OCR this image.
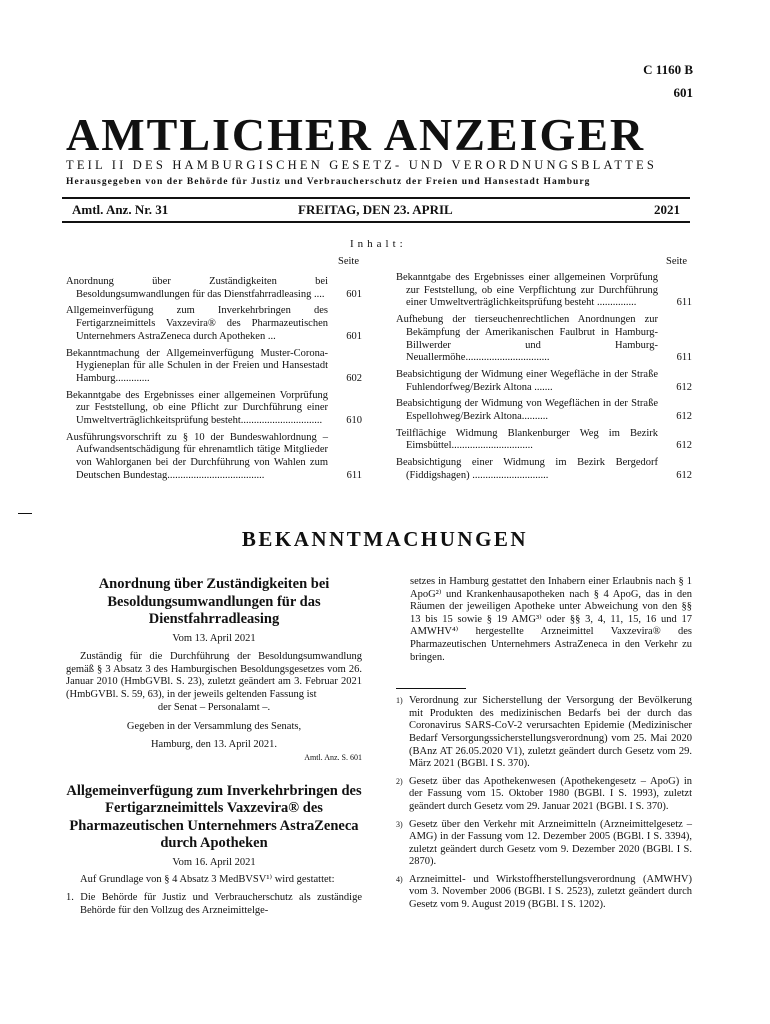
C 1160 B
601
AMTLICHER ANZEIGER
TEIL II DES HAMBURGISCHEN GESETZ- UND VERORDNUNGSBLATTES
Herausgegeben von der Behörde für Justiz und Verbraucherschutz der Freien und Hansestadt Hamburg
Amtl. Anz. Nr. 31	FREITAG, DEN 23. APRIL	2021
Inhalt:
Seite	Seite
Anordnung über Zuständigkeiten bei Besoldungsumwandlungen für das Dienstfahrradleasing ....	601
Allgemeinverfügung zum Inverkehrbringen des Fertigarzneimittels Vaxzevira® des Pharmazeutischen Unternehmers AstraZeneca durch Apotheken ...	601
Bekanntmachung der Allgemeinverfügung Muster-Corona-Hygieneplan für alle Schulen in der Freien und Hansestadt Hamburg.............	602
Bekanntgabe des Ergebnisses einer allgemeinen Vorprüfung zur Feststellung, ob eine Pflicht zur Durchführung einer Umweltverträglichkeitsprüfung besteht...............................	610
Ausführungsvorschrift zu § 10 der Bundeswahlordnung – Aufwandsentschädigung für ehrenamtlich tätige Mitglieder von Wahlorganen bei der Durchführung von Wahlen zum Deutschen Bundestag.....................................	611
Bekanntgabe des Ergebnisses einer allgemeinen Vorprüfung zur Feststellung, ob eine Verpflichtung zur Durchführung einer Umweltverträglichkeitsprüfung besteht ...............	611
Aufhebung der tierseuchenrechtlichen Anordnungen zur Bekämpfung der Amerikanischen Faulbrut in Hamburg-Billwerder und Hamburg-Neuallermöhe................................	611
Beabsichtigung der Widmung einer Wegefläche in der Straße Fuhlendorfweg/Bezirk Altona .......	612
Beabsichtigung der Widmung von Wegeflächen in der Straße Espellohweg/Bezirk Altona..........	612
Teilflächige Widmung Blankenburger Weg im Bezirk Eimsbüttel...............................	612
Beabsichtigung einer Widmung im Bezirk Bergedorf (Fiddigshagen) .............................	612
BEKANNTMACHUNGEN
Anordnung über Zuständigkeiten bei Besoldungsumwandlungen für das Dienstfahrradleasing
Vom 13. April 2021
Zuständig für die Durchführung der Besoldungsumwandlung gemäß § 3 Absatz 3 des Hamburgischen Besoldungsgesetzes vom 26. Januar 2010 (HmbGVBl. S. 23), zuletzt geändert am 3. Februar 2021 (HmbGVBl. S. 59, 63), in der jeweils geltenden Fassung ist
der Senat – Personalamt –.
Gegeben in der Versammlung des Senats,
Hamburg, den 13. April 2021.
Amtl. Anz. S. 601
Allgemeinverfügung zum Inverkehrbringen des Fertigarzneimittels Vaxzevira® des Pharmazeutischen Unternehmers AstraZeneca durch Apotheken
Vom 16. April 2021
Auf Grundlage von § 4 Absatz 3 MedBVSV¹⁾ wird gestattet:
1. Die Behörde für Justiz und Verbraucherschutz als zuständige Behörde für den Vollzug des Arzneimittelge-
setzes in Hamburg gestattet den Inhabern einer Erlaubnis nach § 1 ApoG²⁾ und Krankenhausapotheken nach § 4 ApoG, das in den Räumen der jeweiligen Apotheke unter Abweichung von den §§ 13 bis 15 sowie § 19 AMG³⁾ oder §§ 3, 4, 11, 15, 16 und 17 AMWHV⁴⁾ hergestellte Arzneimittel Vaxzevira® des Pharmazeutischen Unternehmers AstraZeneca in den Verkehr zu bringen.
1) Verordnung zur Sicherstellung der Versorgung der Bevölkerung mit Produkten des medizinischen Bedarfs bei der durch das Coronavirus SARS-CoV-2 verursachten Epidemie (Medizinischer Bedarf Versorgungssicherstellungsverordnung) vom 25. Mai 2020 (BAnz AT 26.05.2020 V1), zuletzt geändert durch Gesetz vom 29. März 2021 (BGBl. I S. 370).
2) Gesetz über das Apothekenwesen (Apothekengesetz – ApoG) in der Fassung vom 15. Oktober 1980 (BGBl. I S. 1993), zuletzt geändert durch Gesetz vom 29. Januar 2021 (BGBl. I S. 370).
3) Gesetz über den Verkehr mit Arzneimitteln (Arzneimittelgesetz – AMG) in der Fassung vom 12. Dezember 2005 (BGBl. I S. 3394), zuletzt geändert durch Gesetz vom 9. Dezember 2020 (BGBl. I S. 2870).
4) Arzneimittel- und Wirkstoffherstellungsverordnung (AMWHV) vom 3. November 2006 (BGBl. I S. 2523), zuletzt geändert durch Gesetz vom 9. August 2019 (BGBl. I S. 1202).
